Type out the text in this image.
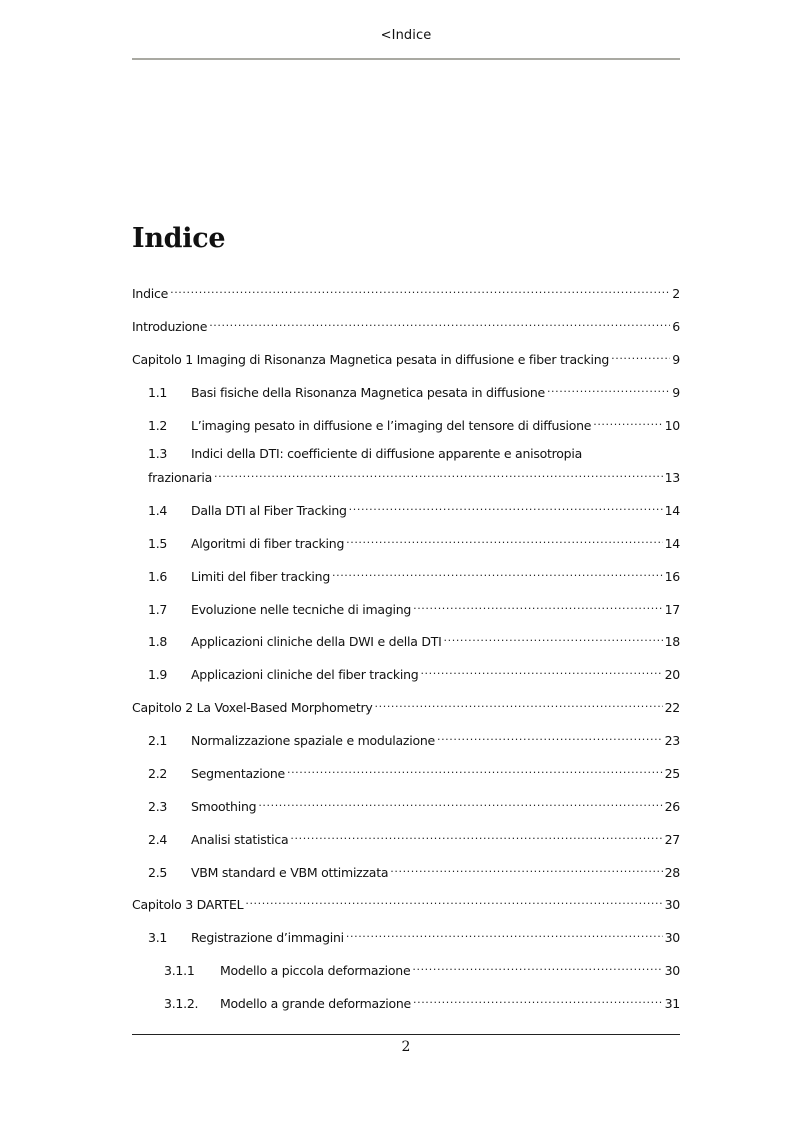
<Indice
Indice
Indice .....	2
Introduzione .....	6
Capitolo 1 Imaging di Risonanza Magnetica pesata in diffusione e fiber tracking .....	9
1.1	Basi fisiche della Risonanza Magnetica pesata in diffusione .....	9
1.2	L’imaging pesato in diffusione e l’imaging del tensore di diffusione .....	10
1.3 Indici della DTI: coefficiente di diffusione apparente e anisotropia
frazionaria .....	13
1.4	Dalla DTI al Fiber Tracking .....	14
1.5	Algoritmi di fiber tracking .....	14
1.6	Limiti del fiber tracking .....	16
1.7	Evoluzione nelle tecniche di imaging .....	17
1.8	Applicazioni cliniche della DWI e della DTI .....	18
1.9	Applicazioni cliniche del fiber tracking .....	20
Capitolo 2 La Voxel-Based Morphometry .....	22
2.1	Normalizzazione spaziale e modulazione .....	23
2.2	Segmentazione .....	25
2.3	Smoothing .....	26
2.4	Analisi statistica .....	27
2.5	VBM standard e VBM ottimizzata .....	28
Capitolo 3 DARTEL .....	30
3.1	Registrazione d’immagini .....	30
3.1.1	Modello a piccola deformazione .....	30
3.1.2.	Modello a grande deformazione .....	31
2
